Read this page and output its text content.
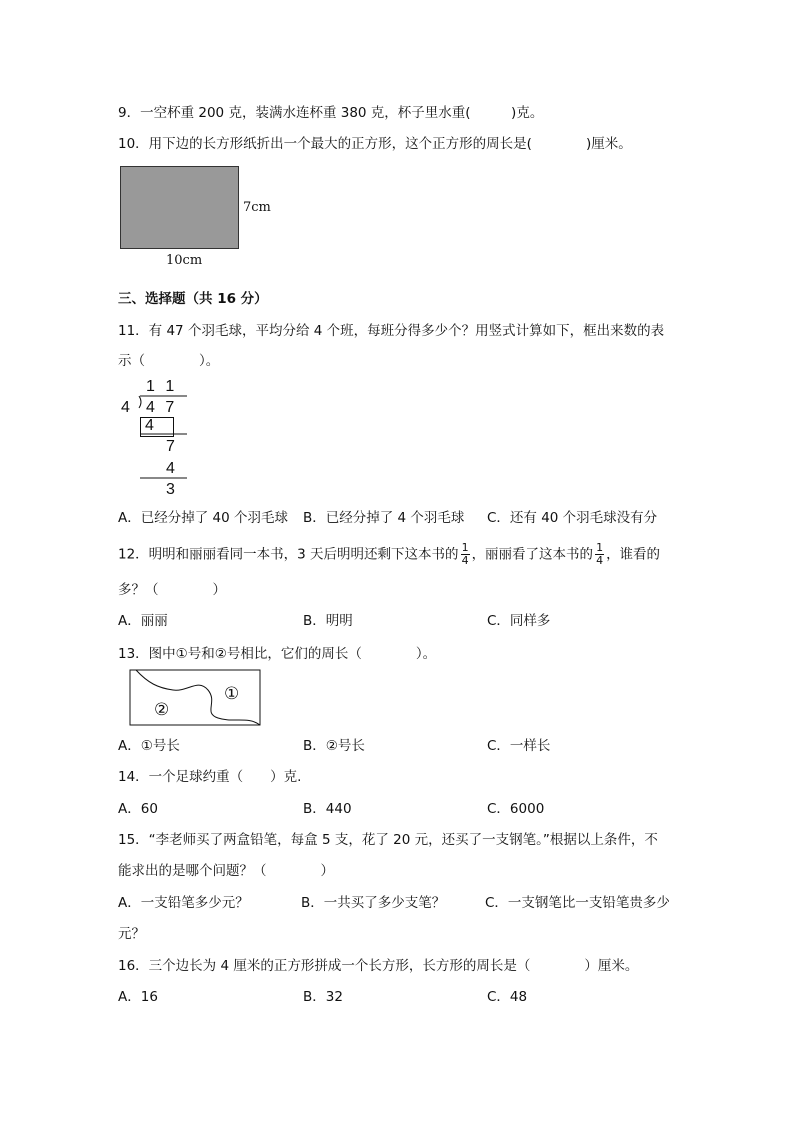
9．一空杯重 200 克，装满水连杯重 380 克，杯子里水重(　　　)克。
10．用下边的长方形纸折出一个最大的正方形，这个正方形的周长是(　　　　)厘米。
7cm
10cm
三、选择题（共 16 分）
11．有 47 个羽毛球，平均分给 4 个班，每班分得多少个？用竖式计算如下，框出来数的表
示（　　　　）。
1 1
4 4 7
4
7
4
3
A．已经分掉了 40 个羽毛球 B．已经分掉了 4 个羽毛球 C．还有 40 个羽毛球没有分
12．明明和丽丽看同一本书，3 天后明明还剩下这本书的 $\frac{1}{4}$ ，丽丽看了这本书的 $\frac{1}{4}$ ，谁看的
多？（　　　　）
A．丽丽	B．明明	C．同样多
13．图中①号和②号相比，它们的周长（　　　　）。
①
②
A．①号长	B．②号长	C．一样长
14．一个足球约重（　　）克.
A．60	B．440	C．6000
15．“李老师买了两盒铅笔，每盒 5 支，花了 20 元，还买了一支钢笔。”根据以上条件，不
能求出的是哪个问题？（　　　　）
A．一支铅笔多少元？	B．一共买了多少支笔？	C．一支钢笔比一支铅笔贵多少
元？
16．三个边长为 4 厘米的正方形拼成一个长方形，长方形的周长是（　　　　）厘米。
A．16	B．32	C．48
